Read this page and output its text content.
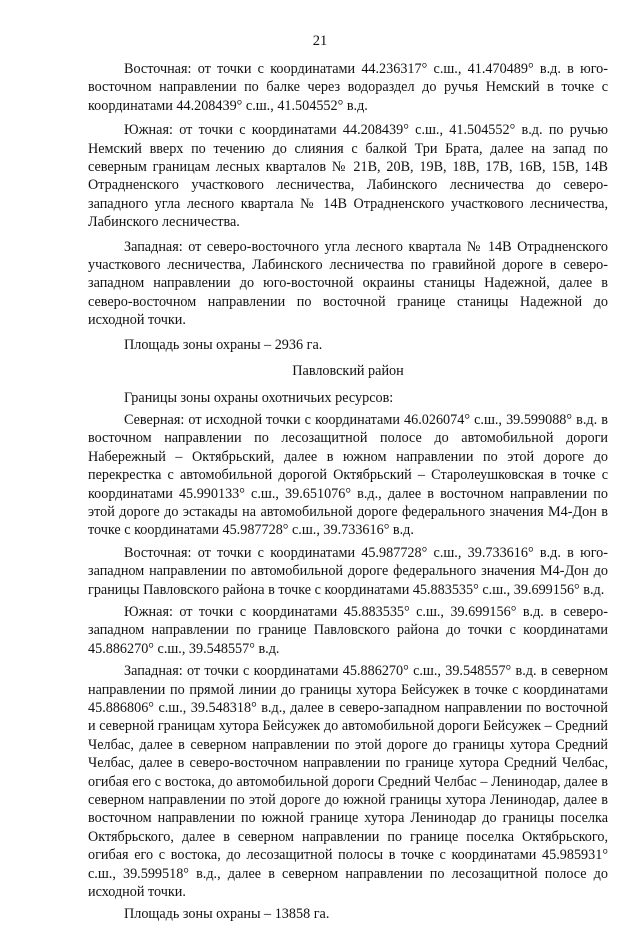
21

Восточная: от точки с координатами 44.236317° с.ш., 41.470489° в.д. в юго-восточном направлении по балке через водораздел до ручья Немский в точке с координатами 44.208439° с.ш., 41.504552° в.д.

Южная: от точки с координатами 44.208439° с.ш., 41.504552° в.д. по ручью Немский вверх по течению до слияния с балкой Три Брата, далее на запад по северным границам лесных кварталов № 21В, 20В, 19В, 18В, 17В, 16В, 15В, 14В Отрадненского участкового лесничества, Лабинского лесничества до северо-западного угла лесного квартала № 14В Отрадненского участкового лесничества, Лабинского лесничества.

Западная: от северо-восточного угла лесного квартала № 14В Отрадненского участкового лесничества, Лабинского лесничества по гравийной дороге в северо-западном направлении до юго-восточной окраины станицы Надежной, далее в северо-восточном направлении по восточной границе станицы Надежной до исходной точки.

Площадь зоны охраны – 2936 га.

Павловский район

Границы зоны охраны охотничьих ресурсов:

Северная: от исходной точки с координатами 46.026074° с.ш., 39.599088° в.д. в восточном направлении по лесозащитной полосе до автомобильной дороги Набережный – Октябрьский, далее в южном направлении по этой дороге до перекрестка с автомобильной дорогой Октябрьский – Старолеушковская в точке с координатами 45.990133° с.ш., 39.651076° в.д., далее в восточном направлении по этой дороге до эстакады на автомобильной дороге федерального значения М4-Дон в точке с координатами 45.987728° с.ш., 39.733616° в.д.

Восточная: от точки с координатами 45.987728° с.ш., 39.733616° в.д. в юго-западном направлении по автомобильной дороге федерального значения М4-Дон до границы Павловского района в точке с координатами 45.883535° с.ш., 39.699156° в.д.

Южная: от точки с координатами 45.883535° с.ш., 39.699156° в.д. в северо-западном направлении по границе Павловского района до точки с координатами 45.886270° с.ш., 39.548557° в.д.

Западная: от точки с координатами 45.886270° с.ш., 39.548557° в.д. в северном направлении по прямой линии до границы хутора Бейсужек в точке с координатами 45.886806° с.ш., 39.548318° в.д., далее в северо-западном направлении по восточной и северной границам хутора Бейсужек до автомобильной дороги Бейсужек – Средний Челбас, далее в северном направлении по этой дороге до границы хутора Средний Челбас, далее в северо-восточном направлении по границе хутора Средний Челбас, огибая его с востока, до автомобильной дороги Средний Челбас – Ленинодар, далее в северном направлении по этой дороге до южной границы хутора Ленинодар, далее в восточном направлении по южной границе хутора Ленинодар до границы поселка Октябрьского, далее в северном направлении по границе поселка Октябрьского, огибая его с востока, до лесозащитной полосы в точке с координатами 45.985931° с.ш., 39.599518° в.д., далее в северном направлении по лесозащитной полосе до исходной точки.

Площадь зоны охраны – 13858 га.
